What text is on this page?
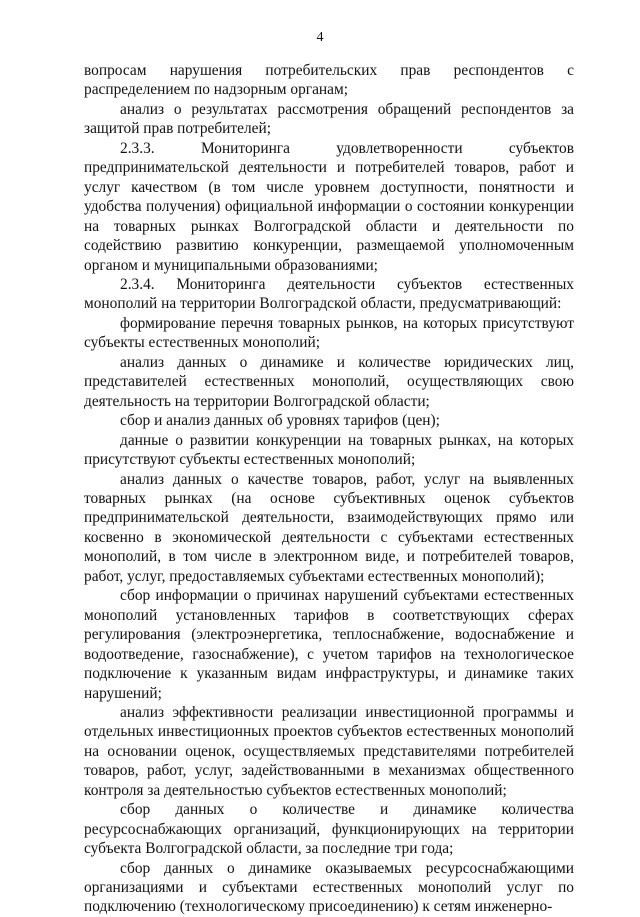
4

вопросам нарушения потребительских прав респондентов с распределением по надзорным органам;

анализ о результатах рассмотрения обращений респондентов за защитой прав потребителей;

2.3.3. Мониторинга удовлетворенности субъектов предпринимательской деятельности и потребителей товаров, работ и услуг качеством (в том числе уровнем доступности, понятности и удобства получения) официальной информации о состоянии конкуренции на товарных рынках Волгоградской области и деятельности по содействию развитию конкуренции, размещаемой уполномоченным органом и муниципальными образованиями;

2.3.4. Мониторинга деятельности субъектов естественных монополий на территории Волгоградской области, предусматривающий:

формирование перечня товарных рынков, на которых присутствуют субъекты естественных монополий;

анализ данных о динамике и количестве юридических лиц, представителей естественных монополий, осуществляющих свою деятельность на территории Волгоградской области;

сбор и анализ данных об уровнях тарифов (цен);

данные о развитии конкуренции на товарных рынках, на которых присутствуют субъекты естественных монополий;

анализ данных о качестве товаров, работ, услуг на выявленных товарных рынках (на основе субъективных оценок субъектов предпринимательской деятельности, взаимодействующих прямо или косвенно в экономической деятельности с субъектами естественных монополий, в том числе в электронном виде, и потребителей товаров, работ, услуг, предоставляемых субъектами естественных монополий);

сбор информации о причинах нарушений субъектами естественных монополий установленных тарифов в соответствующих сферах регулирования (электроэнергетика, теплоснабжение, водоснабжение и водоотведение, газоснабжение), с учетом тарифов на технологическое подключение к указанным видам инфраструктуры, и динамике таких нарушений;

анализ эффективности реализации инвестиционной программы и отдельных инвестиционных проектов субъектов естественных монополий на основании оценок, осуществляемых представителями потребителей товаров, работ, услуг, задействованными в механизмах общественного контроля за деятельностью субъектов естественных монополий;

сбор данных о количестве и динамике количества ресурсоснабжающих организаций, функционирующих на территории субъекта Волгоградской области, за последние три года;

сбор данных о динамике оказываемых ресурсоснабжающими организациями и субъектами естественных монополий услуг по подключению (технологическому присоединению) к сетям инженерно-
